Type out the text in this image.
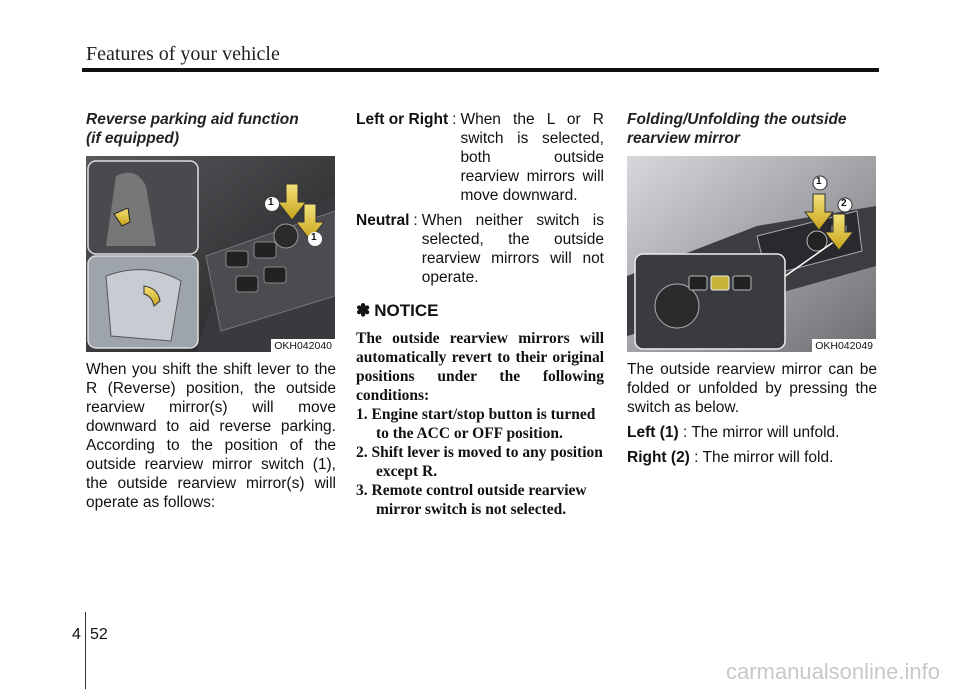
Features of your vehicle
Reverse parking aid function
(if equipped)
1
1
OKH042040

When you shift the shift lever to the R (Reverse) position, the outside rearview mirror(s) will move downward to aid reverse parking. According to the position of the outside rearview mirror switch (1), the outside rearview mirror(s) will operate as follows:

Left or Right : When the L or R switch is selected, both outside rearview mirrors will move downward.
Neutral : When neither switch is selected, the outside rearview mirrors will not operate.
✽ NOTICE
The outside rearview mirrors will automatically revert to their original positions under the following conditions:
1. Engine start/stop button is turned to the ACC or OFF position.
2. Shift lever is moved to any position except R.
3. Remote control outside rearview mirror switch is not selected.
Folding/Unfolding the outside
rearview mirror
1
2
OKH042049

The outside rearview mirror can be folded or unfolded by pressing the switch as below.

Left (1) : The mirror will unfold.
Right (2) : The mirror will fold.
4 52
carmanualsonline.info
